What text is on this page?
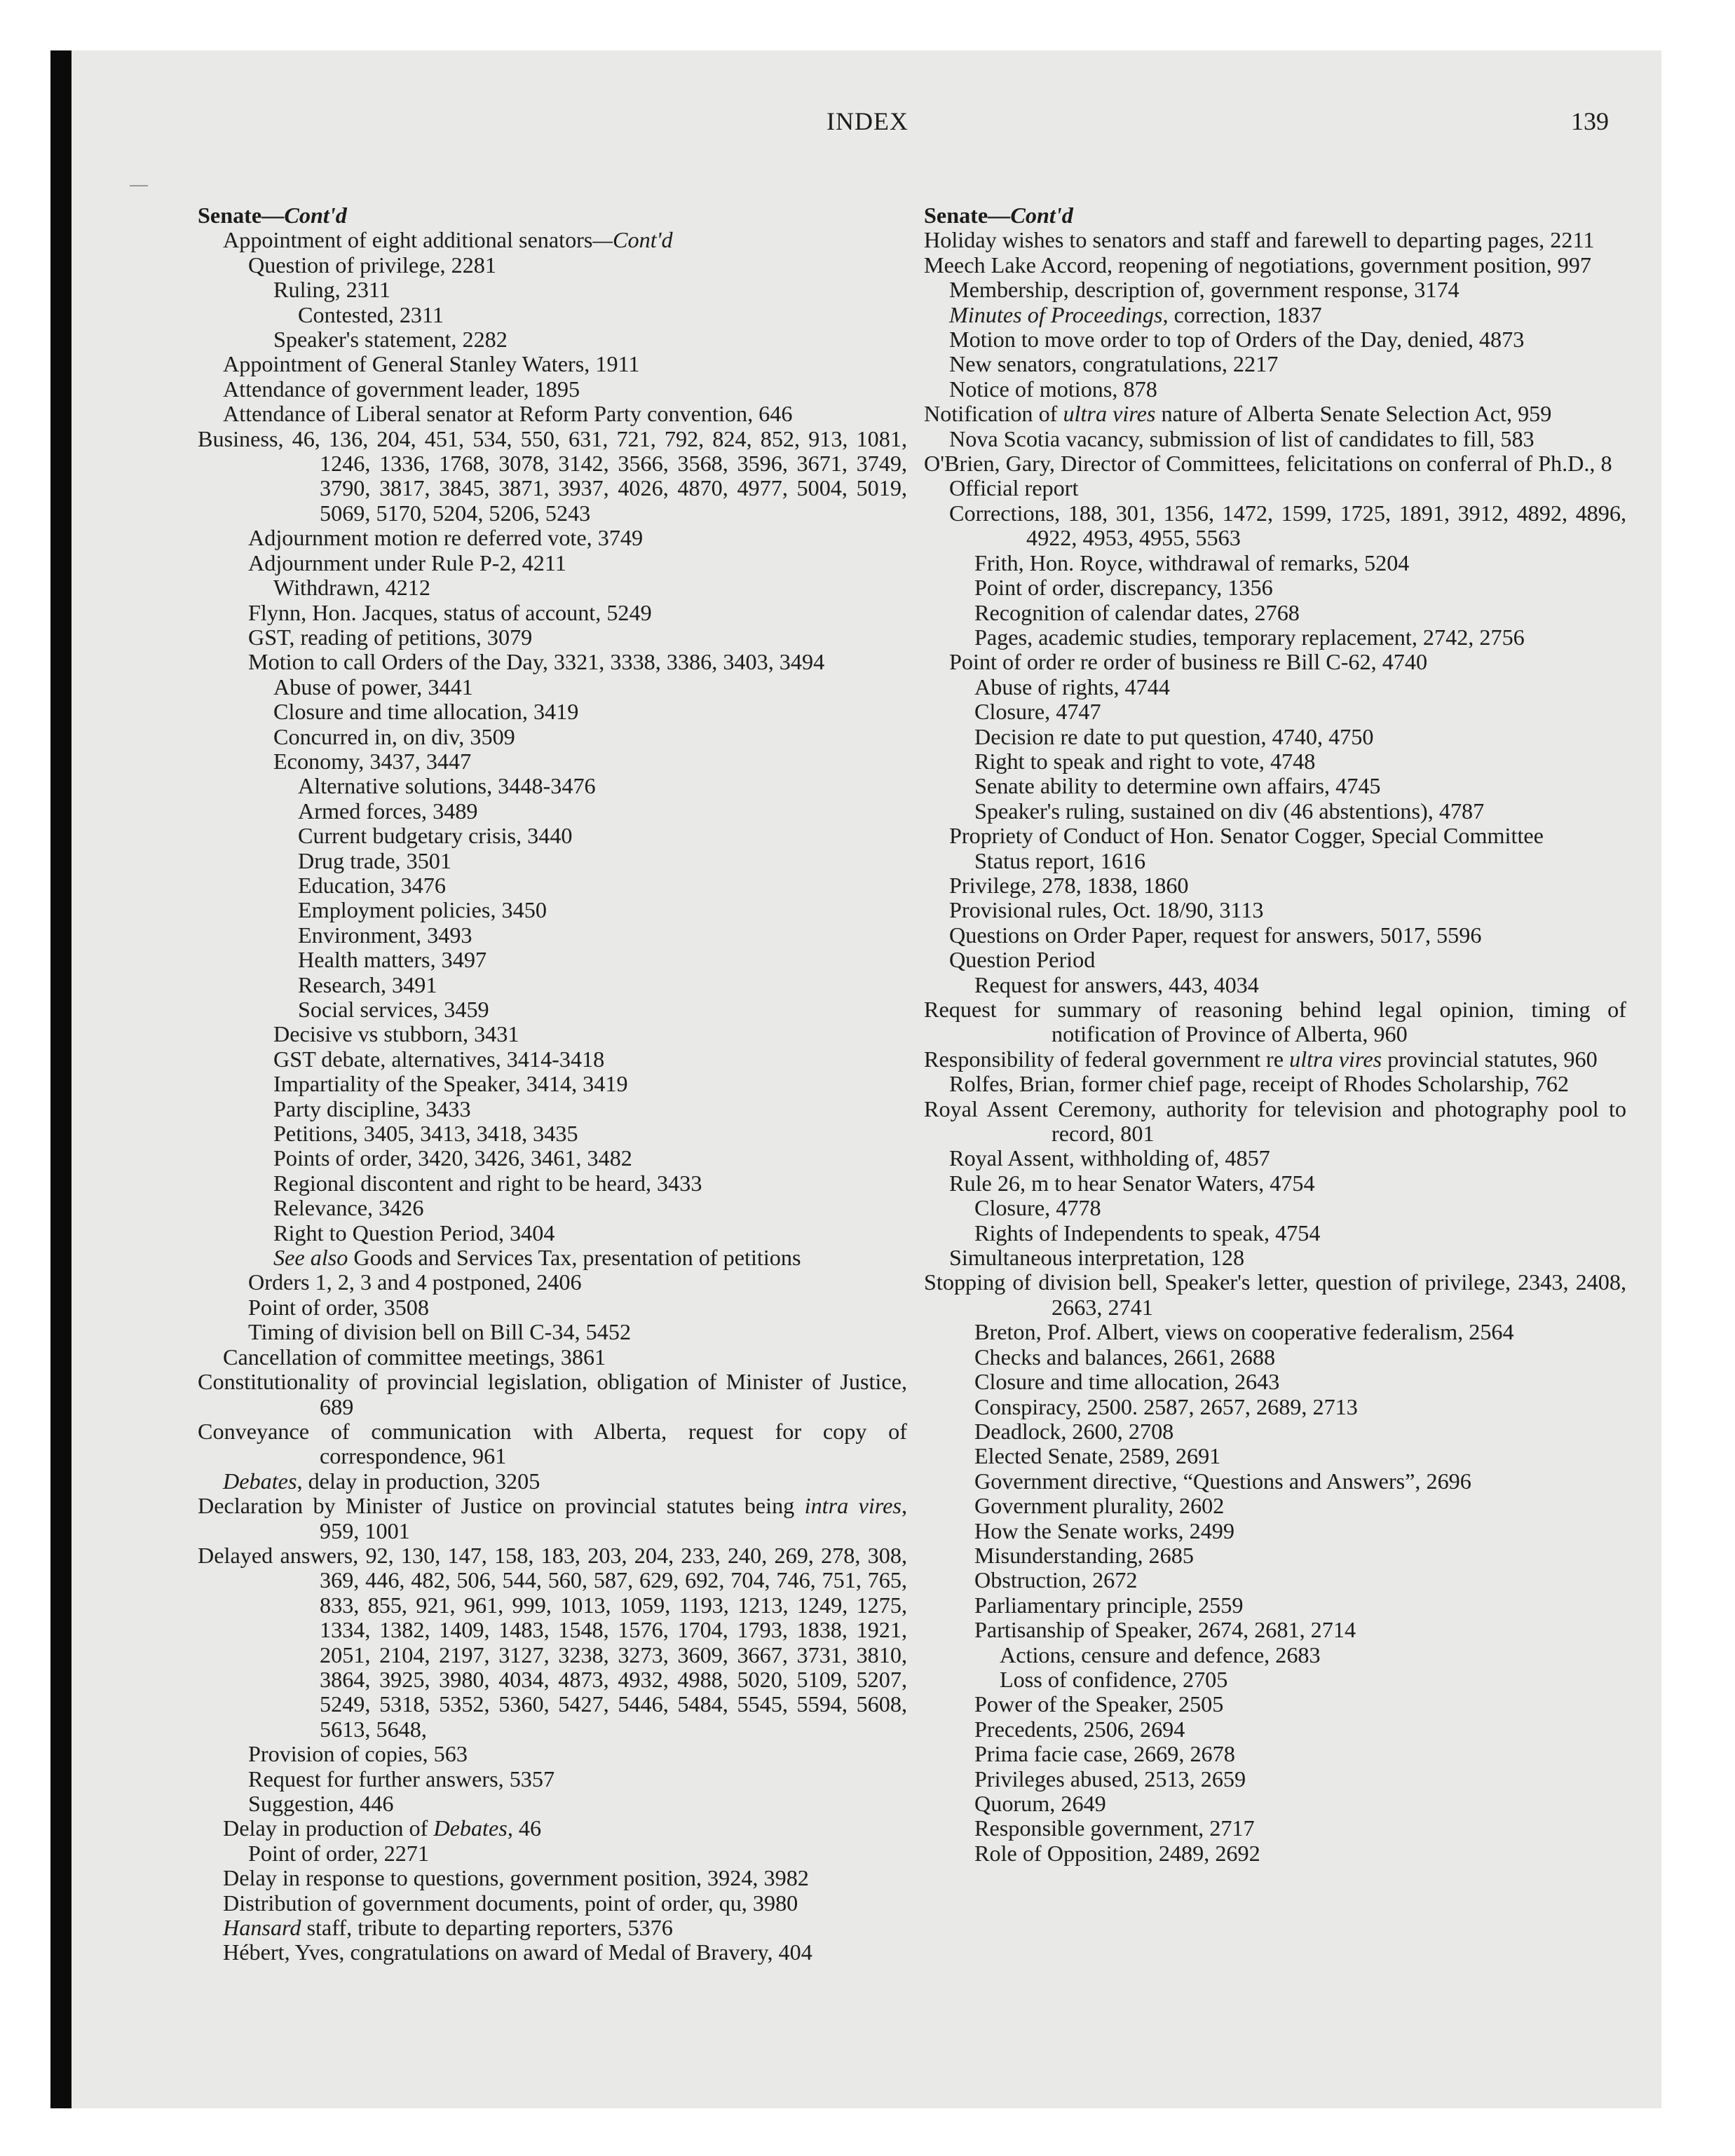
INDEX	139
Senate—Cont'd
Appointment of eight additional senators—Cont'd
Question of privilege, 2281
Ruling, 2311
Contested, 2311
Speaker's statement, 2282
Appointment of General Stanley Waters, 1911
Attendance of government leader, 1895
Attendance of Liberal senator at Reform Party convention, 646
Business, 46, 136, 204, 451, 534, 550, 631, 721, 792, 824, 852, 913, 1081, 1246, 1336, 1768, 3078, 3142, 3566, 3568, 3596, 3671, 3749, 3790, 3817, 3845, 3871, 3937, 4026, 4870, 4977, 5004, 5019, 5069, 5170, 5204, 5206, 5243
Adjournment motion re deferred vote, 3749
Adjournment under Rule P-2, 4211
Withdrawn, 4212
Flynn, Hon. Jacques, status of account, 5249
GST, reading of petitions, 3079
Motion to call Orders of the Day, 3321, 3338, 3386, 3403, 3494
Abuse of power, 3441
Closure and time allocation, 3419
Concurred in, on div, 3509
Economy, 3437, 3447
Alternative solutions, 3448-3476
Armed forces, 3489
Current budgetary crisis, 3440
Drug trade, 3501
Education, 3476
Employment policies, 3450
Environment, 3493
Health matters, 3497
Research, 3491
Social services, 3459
Decisive vs stubborn, 3431
GST debate, alternatives, 3414-3418
Impartiality of the Speaker, 3414, 3419
Party discipline, 3433
Petitions, 3405, 3413, 3418, 3435
Points of order, 3420, 3426, 3461, 3482
Regional discontent and right to be heard, 3433
Relevance, 3426
Right to Question Period, 3404
See also Goods and Services Tax, presentation of petitions
Orders 1, 2, 3 and 4 postponed, 2406
Point of order, 3508
Timing of division bell on Bill C-34, 5452
Cancellation of committee meetings, 3861
Constitutionality of provincial legislation, obligation of Minister of Justice, 689
Conveyance of communication with Alberta, request for copy of correspondence, 961
Debates, delay in production, 3205
Declaration by Minister of Justice on provincial statutes being intra vires, 959, 1001
Delayed answers, 92, 130, 147, 158, 183, 203, 204, 233, 240, 269, 278, 308, 369, 446, 482, 506, 544, 560, 587, 629, 692, 704, 746, 751, 765, 833, 855, 921, 961, 999, 1013, 1059, 1193, 1213, 1249, 1275, 1334, 1382, 1409, 1483, 1548, 1576, 1704, 1793, 1838, 1921, 2051, 2104, 2197, 3127, 3238, 3273, 3609, 3667, 3731, 3810, 3864, 3925, 3980, 4034, 4873, 4932, 4988, 5020, 5109, 5207, 5249, 5318, 5352, 5360, 5427, 5446, 5484, 5545, 5594, 5608, 5613, 5648,
Provision of copies, 563
Request for further answers, 5357
Suggestion, 446
Delay in production of Debates, 46
Point of order, 2271
Delay in response to questions, government position, 3924, 3982
Distribution of government documents, point of order, qu, 3980
Hansard staff, tribute to departing reporters, 5376
Hébert, Yves, congratulations on award of Medal of Bravery, 404
Senate—Cont'd
Holiday wishes to senators and staff and farewell to departing pages, 2211
Meech Lake Accord, reopening of negotiations, government position, 997
Membership, description of, government response, 3174
Minutes of Proceedings, correction, 1837
Motion to move order to top of Orders of the Day, denied, 4873
New senators, congratulations, 2217
Notice of motions, 878
Notification of ultra vires nature of Alberta Senate Selection Act, 959
Nova Scotia vacancy, submission of list of candidates to fill, 583
O'Brien, Gary, Director of Committees, felicitations on conferral of Ph.D., 8
Official report
Corrections, 188, 301, 1356, 1472, 1599, 1725, 1891, 3912, 4892, 4896, 4922, 4953, 4955, 5563
Frith, Hon. Royce, withdrawal of remarks, 5204
Point of order, discrepancy, 1356
Recognition of calendar dates, 2768
Pages, academic studies, temporary replacement, 2742, 2756
Point of order re order of business re Bill C-62, 4740
Abuse of rights, 4744
Closure, 4747
Decision re date to put question, 4740, 4750
Right to speak and right to vote, 4748
Senate ability to determine own affairs, 4745
Speaker's ruling, sustained on div (46 abstentions), 4787
Propriety of Conduct of Hon. Senator Cogger, Special Committee
Status report, 1616
Privilege, 278, 1838, 1860
Provisional rules, Oct. 18/90, 3113
Questions on Order Paper, request for answers, 5017, 5596
Question Period
Request for answers, 443, 4034
Request for summary of reasoning behind legal opinion, timing of notification of Province of Alberta, 960
Responsibility of federal government re ultra vires provincial statutes, 960
Rolfes, Brian, former chief page, receipt of Rhodes Scholarship, 762
Royal Assent Ceremony, authority for television and photography pool to record, 801
Royal Assent, withholding of, 4857
Rule 26, m to hear Senator Waters, 4754
Closure, 4778
Rights of Independents to speak, 4754
Simultaneous interpretation, 128
Stopping of division bell, Speaker's letter, question of privilege, 2343, 2408, 2663, 2741
Breton, Prof. Albert, views on cooperative federalism, 2564
Checks and balances, 2661, 2688
Closure and time allocation, 2643
Conspiracy, 2500. 2587, 2657, 2689, 2713
Deadlock, 2600, 2708
Elected Senate, 2589, 2691
Government directive, “Questions and Answers”, 2696
Government plurality, 2602
How the Senate works, 2499
Misunderstanding, 2685
Obstruction, 2672
Parliamentary principle, 2559
Partisanship of Speaker, 2674, 2681, 2714
Actions, censure and defence, 2683
Loss of confidence, 2705
Power of the Speaker, 2505
Precedents, 2506, 2694
Prima facie case, 2669, 2678
Privileges abused, 2513, 2659
Quorum, 2649
Responsible government, 2717
Role of Opposition, 2489, 2692
